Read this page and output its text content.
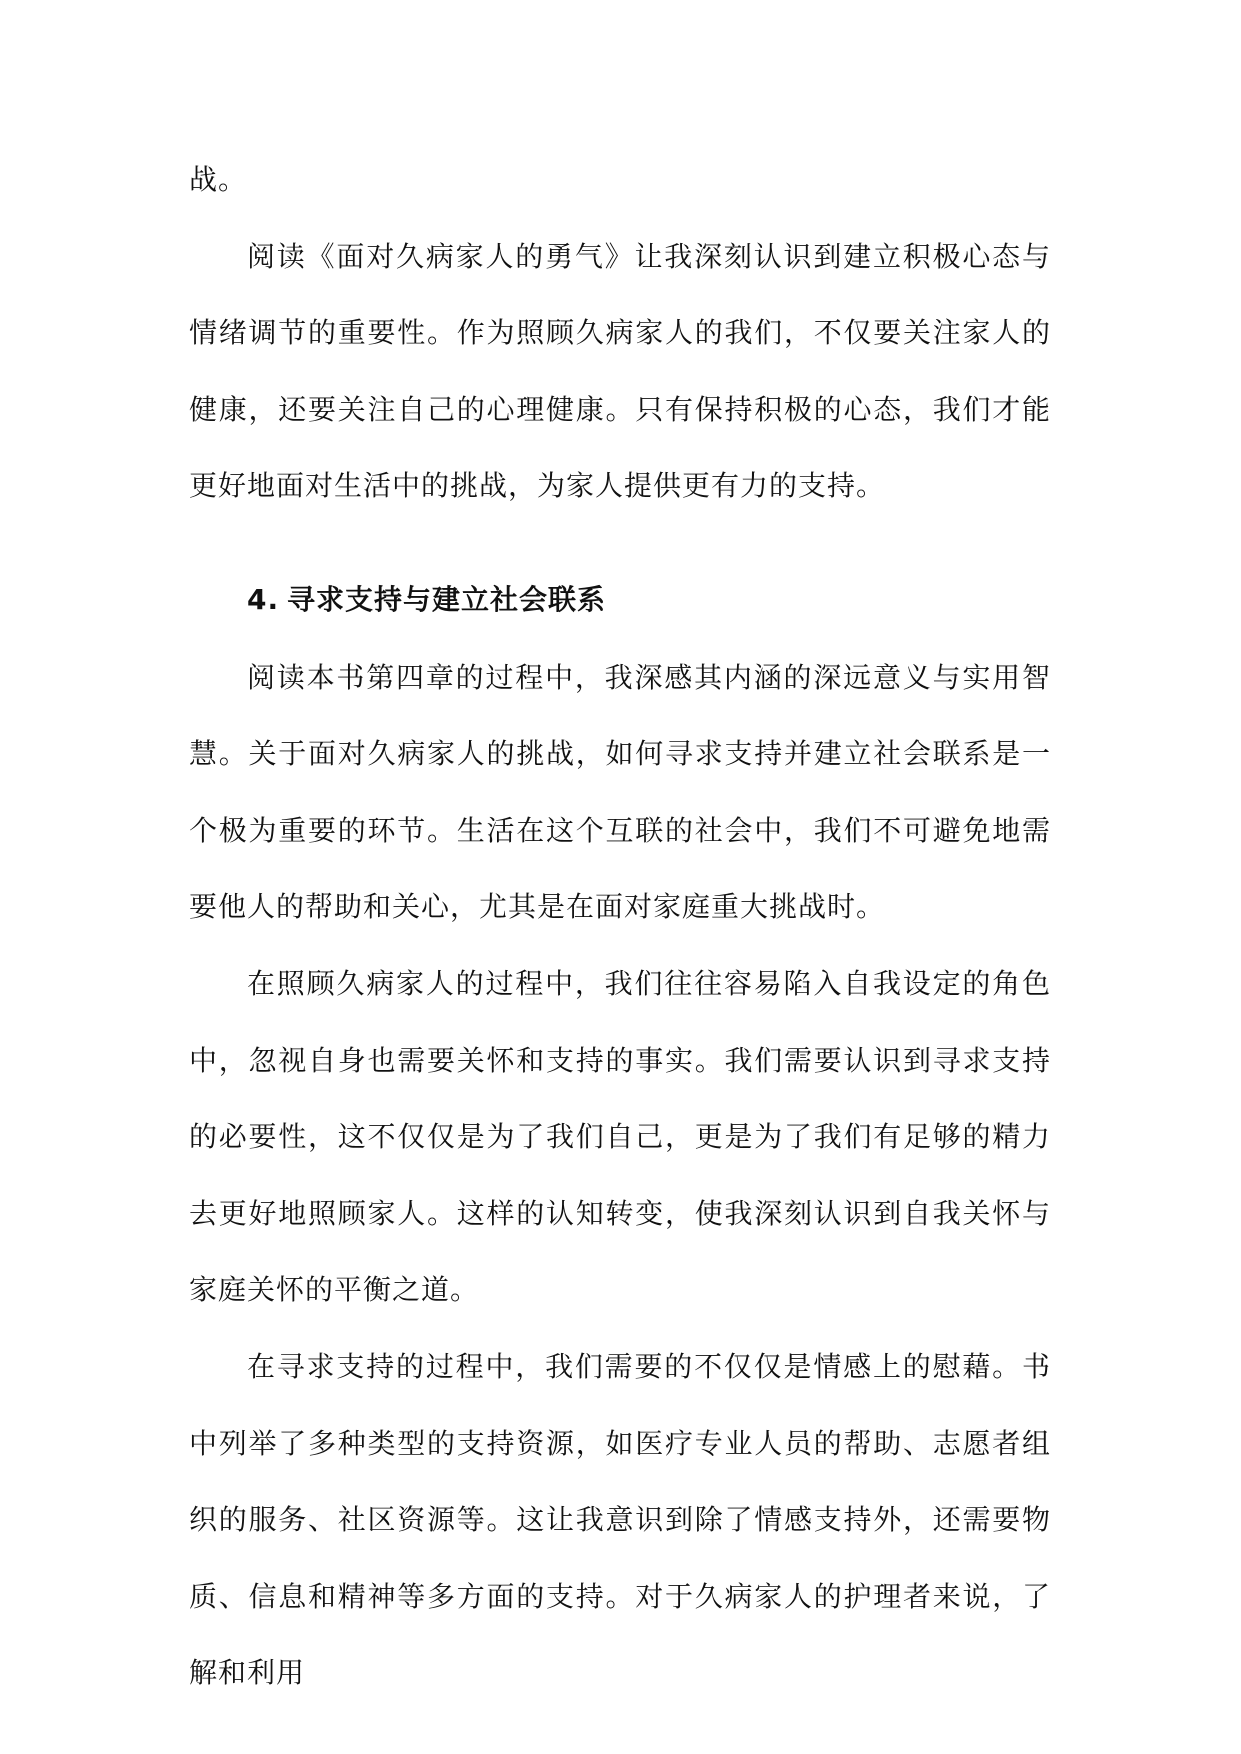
战。

阅读《面对久病家人的勇气》让我深刻认识到建立积极心态与情绪调节的重要性。作为照顾久病家人的我们，不仅要关注家人的健康，还要关注自己的心理健康。只有保持积极的心态，我们才能更好地面对生活中的挑战，为家人提供更有力的支持。

4. 寻求支持与建立社会联系

阅读本书第四章的过程中，我深感其内涵的深远意义与实用智慧。关于面对久病家人的挑战，如何寻求支持并建立社会联系是一个极为重要的环节。生活在这个互联的社会中，我们不可避免地需要他人的帮助和关心，尤其是在面对家庭重大挑战时。

在照顾久病家人的过程中，我们往往容易陷入自我设定的角色中，忽视自身也需要关怀和支持的事实。我们需要认识到寻求支持的必要性，这不仅仅是为了我们自己，更是为了我们有足够的精力去更好地照顾家人。这样的认知转变，使我深刻认识到自我关怀与家庭关怀的平衡之道。

在寻求支持的过程中，我们需要的不仅仅是情感上的慰藉。书中列举了多种类型的支持资源，如医疗专业人员的帮助、志愿者组织的服务、社区资源等。这让我意识到除了情感支持外，还需要物质、信息和精神等多方面的支持。对于久病家人的护理者来说，了解和利用
